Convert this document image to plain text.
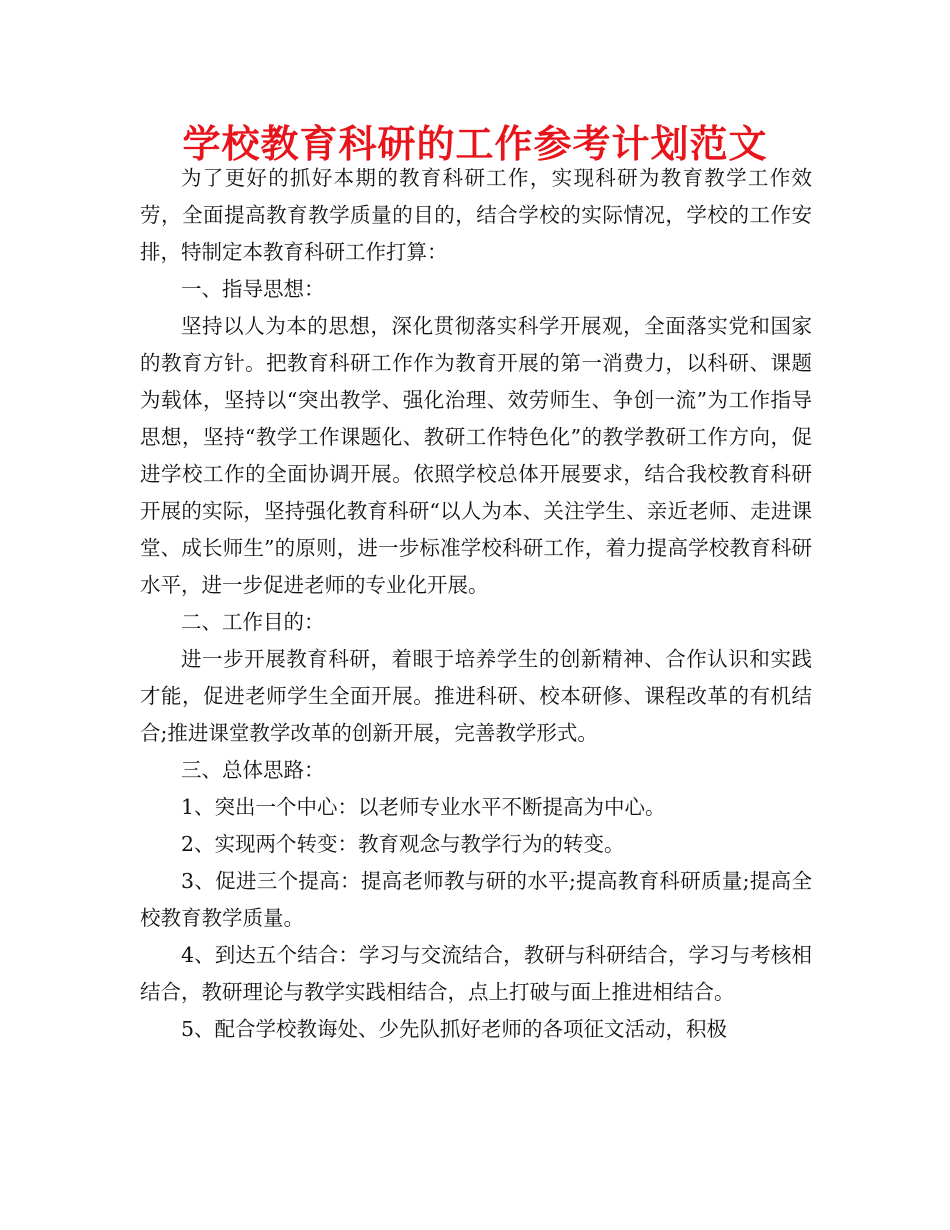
学校教育科研的工作参考计划范文

为了更好的抓好本期的教育科研工作，实现科研为教育教学工作效劳，全面提高教育教学质量的目的，结合学校的实际情况，学校的工作安排，特制定本教育科研工作打算：

一、指导思想：

坚持以人为本的思想，深化贯彻落实科学开展观，全面落实党和国家的教育方针。把教育科研工作作为教育开展的第一消费力，以科研、课题为载体，坚持以“突出教学、强化治理、效劳师生、争创一流”为工作指导思想，坚持“教学工作课题化、教研工作特色化”的教学教研工作方向，促进学校工作的全面协调开展。依照学校总体开展要求，结合我校教育科研开展的实际，坚持强化教育科研“以人为本、关注学生、亲近老师、走进课堂、成长师生”的原则，进一步标准学校科研工作，着力提高学校教育科研水平，进一步促进老师的专业化开展。

二、工作目的：

进一步开展教育科研，着眼于培养学生的创新精神、合作认识和实践才能，促进老师学生全面开展。推进科研、校本研修、课程改革的有机结合;推进课堂教学改革的创新开展，完善教学形式。

三、总体思路：

1、突出一个中心：以老师专业水平不断提高为中心。

2、实现两个转变：教育观念与教学行为的转变。

3、促进三个提高：提高老师教与研的水平;提高教育科研质量;提高全校教育教学质量。

4、到达五个结合：学习与交流结合，教研与科研结合，学习与考核相结合，教研理论与教学实践相结合，点上打破与面上推进相结合。

5、配合学校教诲处、少先队抓好老师的各项征文活动，积极
